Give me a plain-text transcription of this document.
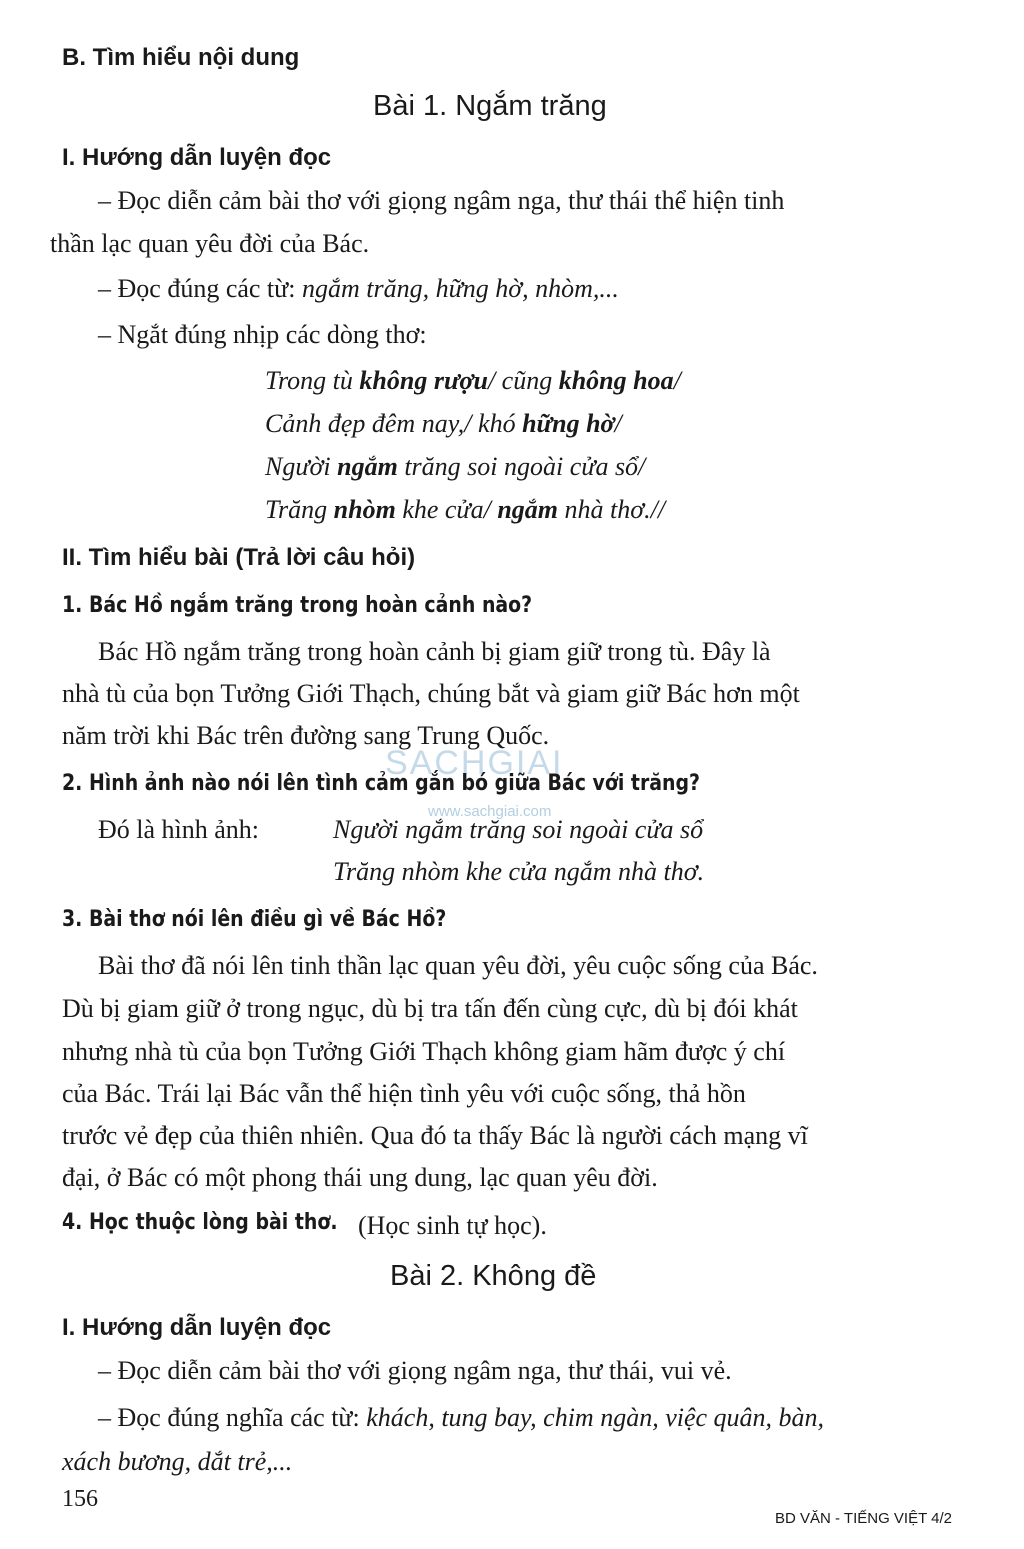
B. Tìm hiểu nội dung
Bài 1. Ngắm trăng
I. Hướng dẫn luyện đọc
– Đọc diễn cảm bài thơ với giọng ngâm nga, thư thái thể hiện tinh
thần lạc quan yêu đời của Bác.
– Đọc đúng các từ: ngắm trăng, hững hờ, nhòm,...
– Ngắt đúng nhịp các dòng thơ:
Trong tù không rượu/ cũng không hoa/
Cảnh đẹp đêm nay,/ khó hững hờ/
Người ngắm trăng soi ngoài cửa sổ/
Trăng nhòm khe cửa/ ngắm nhà thơ.//
II. Tìm hiểu bài (Trả lời câu hỏi)
1. Bác Hồ ngắm trăng trong hoàn cảnh nào?
Bác Hồ ngắm trăng trong hoàn cảnh bị giam giữ trong tù. Đây là
nhà tù của bọn Tưởng Giới Thạch, chúng bắt và giam giữ Bác hơn một
năm trời khi Bác trên đường sang Trung Quốc.
SACHGIAI
2. Hình ảnh nào nói lên tình cảm gắn bó giữa Bác với trăng?
www.sachgiai.com
Đó là hình ảnh:	Người ngắm trăng soi ngoài cửa sổ
Trăng nhòm khe cửa ngắm nhà thơ.
3. Bài thơ nói lên điều gì về Bác Hồ?
Bài thơ đã nói lên tinh thần lạc quan yêu đời, yêu cuộc sống của Bác.
Dù bị giam giữ ở trong ngục, dù bị tra tấn đến cùng cực, dù bị đói khát
nhưng nhà tù của bọn Tưởng Giới Thạch không giam hãm được ý chí
của Bác. Trái lại Bác vẫn thể hiện tình yêu với cuộc sống, thả hồn
trước vẻ đẹp của thiên nhiên. Qua đó ta thấy Bác là người cách mạng vĩ
đại, ở Bác có một phong thái ung dung, lạc quan yêu đời.
4. Học thuộc lòng bài thơ. (Học sinh tự học).
Bài 2. Không đề
I. Hướng dẫn luyện đọc
– Đọc diễn cảm bài thơ với giọng ngâm nga, thư thái, vui vẻ.
– Đọc đúng nghĩa các từ: khách, tung bay, chim ngàn, việc quân, bàn,
xách bương, dắt trẻ,...
156
BD VĂN - TIẾNG VIỆT 4/2
